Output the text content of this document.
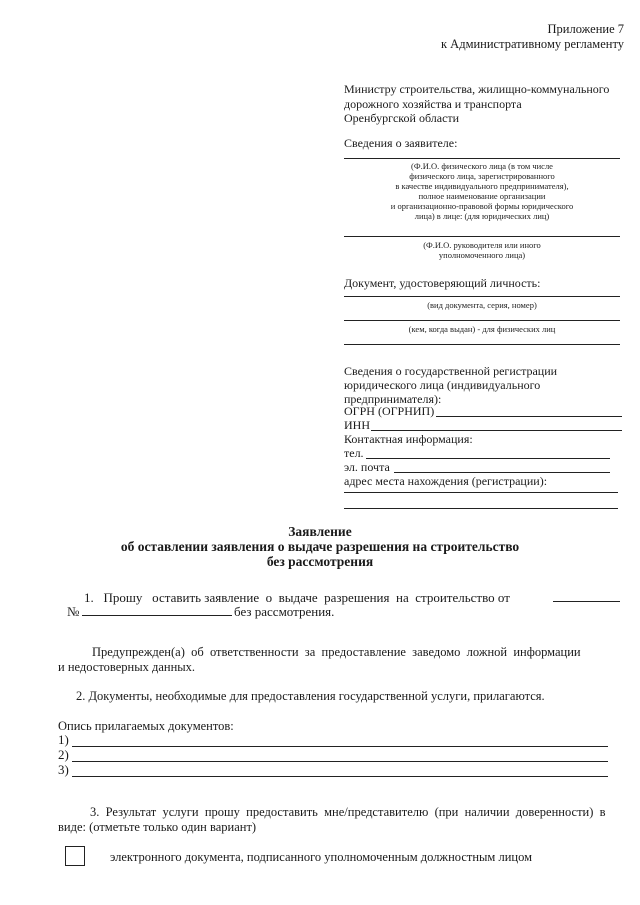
Приложение 7
к Административному регламенту
Министру строительства, жилищно-коммунального
дорожного хозяйства и транспорта
Оренбургской области
Сведения о заявителе:
(Ф.И.О. физического лица (в том числе
физического лица, зарегистрированного
в качестве индивидуального предпринимателя),
полное наименование организации
и организационно-правовой формы юридического
лица) в лице: (для юридических лиц)
(Ф.И.О. руководителя или иного
уполномоченного лица)
Документ, удостоверяющий личность:
(вид документа, серия, номер)
(кем, когда выдан) - для физических лиц
Сведения о государственной регистрации
юридического лица (индивидуального
предпринимателя):
ОГРН (ОГРНИП)
ИНН
Контактная информация:
тел.
эл. почта
адрес места нахождения (регистрации):
Заявление
об оставлении заявления о выдаче разрешения на строительство
без рассмотрения
1.   Прошу   оставить заявление  о  выдаче  разрешения  на  строительство от
№	без рассмотрения.
Предупрежден(а)  об  ответственности  за  предоставление  заведомо  ложной  информации
и недостоверных данных.
2. Документы, необходимые для предоставления государственной услуги, прилагаются.
Опись прилагаемых документов:
1)
2)
3)
3.  Результат  услуги  прошу  предоставить  мне/представителю  (при  наличии  доверенности)  в
виде: (отметьте только один вариант)
электронного документа, подписанного уполномоченным должностным лицом
